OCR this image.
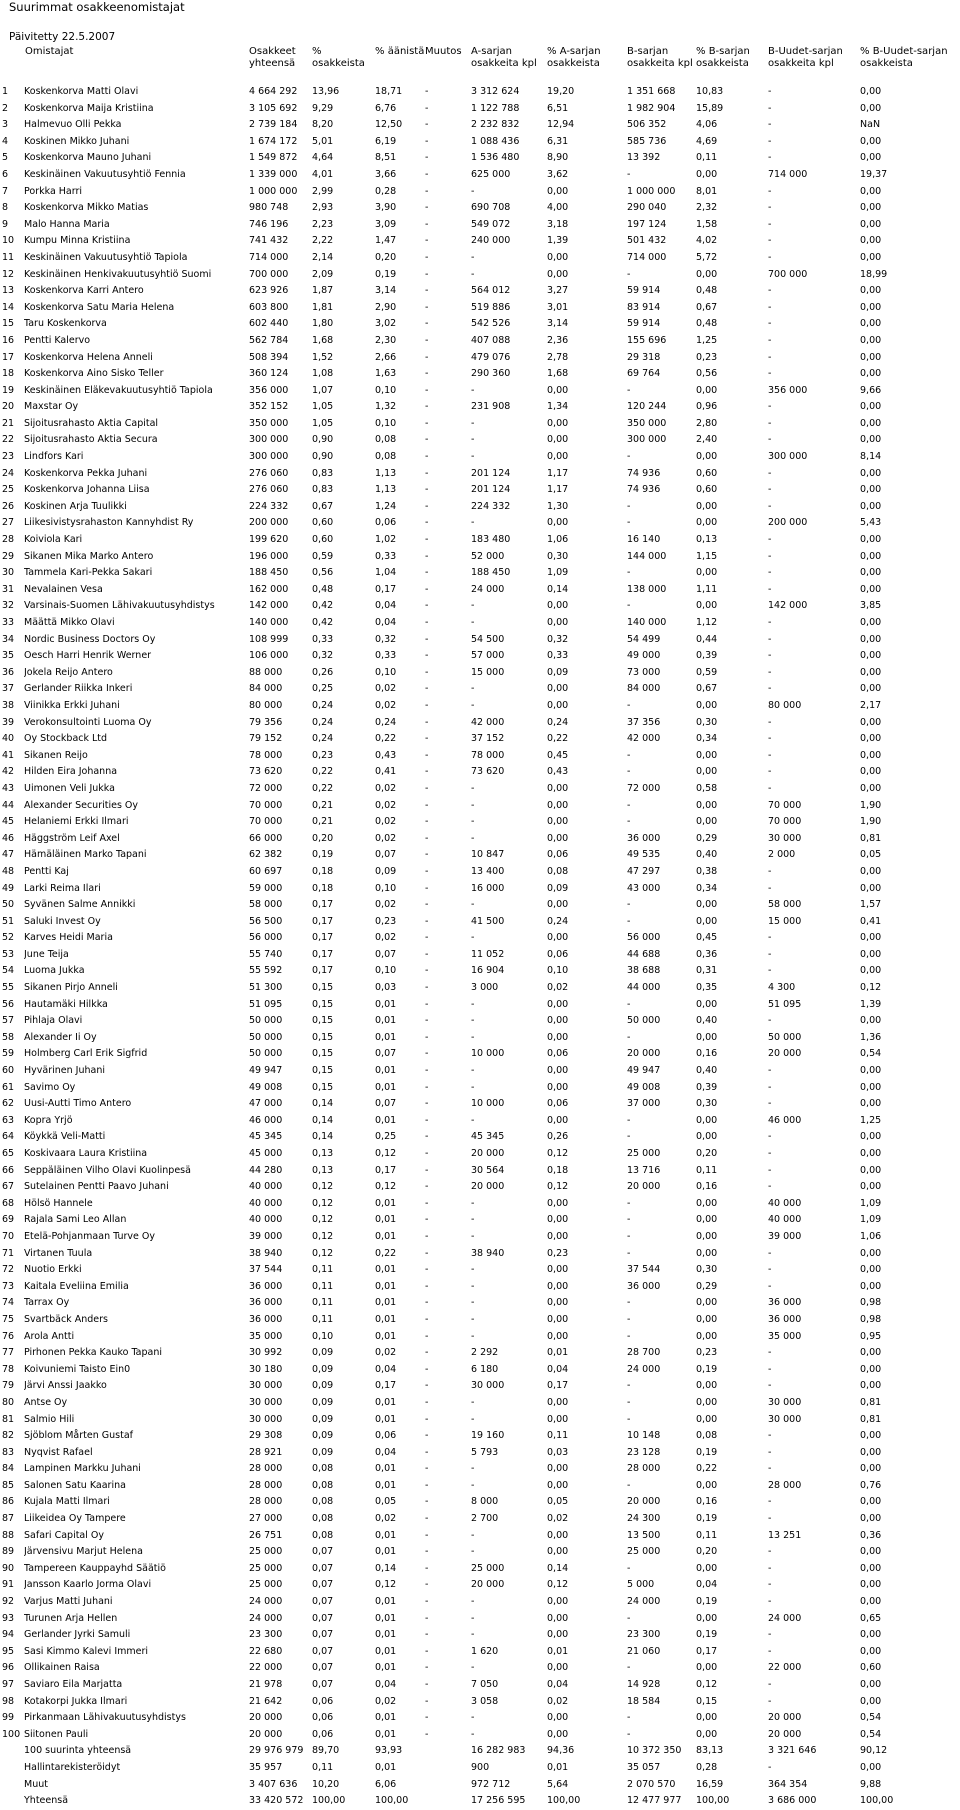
Suurimmat osakkeenomistajat
Päivitetty 22.5.2007
Omistajat		Osakkeet yhteensä	% osakkeista	% äänistä	Muutos	A-sarjan osakkeita kpl	% A-sarjan osakkeista	B-sarjan osakkeita kpl	% B-sarjan osakkeista	B-Uudet-sarjan osakkeita kpl	% B-Uudet-sarjan osakkeista

1	Koskenkorva Matti Olavi	4 664 292	13,96	18,71	-	3 312 624	19,20	1 351 668	10,83	-	0,00
2	Koskenkorva Maija Kristiina	3 105 692	9,29	6,76	-	1 122 788	6,51	1 982 904	15,89	-	0,00
3	Halmevuo Olli Pekka	2 739 184	8,20	12,50	-	2 232 832	12,94	506 352	4,06	-	NaN
4	Koskinen Mikko Juhani	1 674 172	5,01	6,19	-	1 088 436	6,31	585 736	4,69	-	0,00
5	Koskenkorva Mauno Juhani	1 549 872	4,64	8,51	-	1 536 480	8,90	13 392	0,11	-	0,00
6	Keskinäinen Vakuutusyhtiö Fennia	1 339 000	4,01	3,66	-	625 000	3,62	-	0,00	714 000	19,37
7	Porkka Harri	1 000 000	2,99	0,28	-	-	0,00	1 000 000	8,01	-	0,00
8	Koskenkorva Mikko Matias	980 748	2,93	3,90	-	690 708	4,00	290 040	2,32	-	0,00
9	Malo Hanna Maria	746 196	2,23	3,09	-	549 072	3,18	197 124	1,58	-	0,00
10	Kumpu Minna Kristiina	741 432	2,22	1,47	-	240 000	1,39	501 432	4,02	-	0,00
11	Keskinäinen Vakuutusyhtiö Tapiola	714 000	2,14	0,20	-	-	0,00	714 000	5,72	-	0,00
12	Keskinäinen Henkivakuutusyhtiö Suomi	700 000	2,09	0,19	-	-	0,00	-	0,00	700 000	18,99
13	Koskenkorva Karri Antero	623 926	1,87	3,14	-	564 012	3,27	59 914	0,48	-	0,00
14	Koskenkorva Satu Maria Helena	603 800	1,81	2,90	-	519 886	3,01	83 914	0,67	-	0,00
15	Taru Koskenkorva	602 440	1,80	3,02	-	542 526	3,14	59 914	0,48	-	0,00
16	Pentti Kalervo	562 784	1,68	2,30	-	407 088	2,36	155 696	1,25	-	0,00
17	Koskenkorva Helena Anneli	508 394	1,52	2,66	-	479 076	2,78	29 318	0,23	-	0,00
18	Koskenkorva Aino Sisko Teller	360 124	1,08	1,63	-	290 360	1,68	69 764	0,56	-	0,00
19	Keskinäinen Eläkevakuutusyhtiö Tapiola	356 000	1,07	0,10	-	-	0,00	-	0,00	356 000	9,66
20	Maxstar Oy	352 152	1,05	1,32	-	231 908	1,34	120 244	0,96	-	0,00
21	Sijoitusrahasto Aktia Capital	350 000	1,05	0,10	-	-	0,00	350 000	2,80	-	0,00
22	Sijoitusrahasto Aktia Secura	300 000	0,90	0,08	-	-	0,00	300 000	2,40	-	0,00
23	Lindfors Kari	300 000	0,90	0,08	-	-	0,00	-	0,00	300 000	8,14
24	Koskenkorva Pekka Juhani	276 060	0,83	1,13	-	201 124	1,17	74 936	0,60	-	0,00
25	Koskenkorva Johanna Liisa	276 060	0,83	1,13	-	201 124	1,17	74 936	0,60	-	0,00
26	Koskinen Arja Tuulikki	224 332	0,67	1,24	-	224 332	1,30	-	0,00	-	0,00
27	Liikesivistysrahaston Kannyhdist Ry	200 000	0,60	0,06	-	-	0,00	-	0,00	200 000	5,43
28	Koiviola Kari	199 620	0,60	1,02	-	183 480	1,06	16 140	0,13	-	0,00
29	Sikanen Mika Marko Antero	196 000	0,59	0,33	-	52 000	0,30	144 000	1,15	-	0,00
30	Tammela Kari-Pekka Sakari	188 450	0,56	1,04	-	188 450	1,09	-	0,00	-	0,00
31	Nevalainen Vesa	162 000	0,48	0,17	-	24 000	0,14	138 000	1,11	-	0,00
32	Varsinais-Suomen Lähivakuutusyhdistys	142 000	0,42	0,04	-	-	0,00	-	0,00	142 000	3,85
33	Määttä Mikko Olavi	140 000	0,42	0,04	-	-	0,00	140 000	1,12	-	0,00
34	Nordic Business Doctors Oy	108 999	0,33	0,32	-	54 500	0,32	54 499	0,44	-	0,00
35	Oesch Harri Henrik Werner	106 000	0,32	0,33	-	57 000	0,33	49 000	0,39	-	0,00
36	Jokela Reijo Antero	88 000	0,26	0,10	-	15 000	0,09	73 000	0,59	-	0,00
37	Gerlander Riikka Inkeri	84 000	0,25	0,02	-	-	0,00	84 000	0,67	-	0,00
38	Viinikka Erkki Juhani	80 000	0,24	0,02	-	-	0,00	-	0,00	80 000	2,17
39	Verokonsultointi Luoma Oy	79 356	0,24	0,24	-	42 000	0,24	37 356	0,30	-	0,00
40	Oy Stockback Ltd	79 152	0,24	0,22	-	37 152	0,22	42 000	0,34	-	0,00
41	Sikanen Reijo	78 000	0,23	0,43	-	78 000	0,45	-	0,00	-	0,00
42	Hilden Eira Johanna	73 620	0,22	0,41	-	73 620	0,43	-	0,00	-	0,00
43	Uimonen Veli Jukka	72 000	0,22	0,02	-	-	0,00	72 000	0,58	-	0,00
44	Alexander Securities Oy	70 000	0,21	0,02	-	-	0,00	-	0,00	70 000	1,90
45	Helaniemi Erkki Ilmari	70 000	0,21	0,02	-	-	0,00	-	0,00	70 000	1,90
46	Häggström Leif Axel	66 000	0,20	0,02	-	-	0,00	36 000	0,29	30 000	0,81
47	Hämäläinen Marko Tapani	62 382	0,19	0,07	-	10 847	0,06	49 535	0,40	2 000	0,05
48	Pentti Kaj	60 697	0,18	0,09	-	13 400	0,08	47 297	0,38	-	0,00
49	Larki Reima Ilari	59 000	0,18	0,10	-	16 000	0,09	43 000	0,34	-	0,00
50	Syvänen Salme Annikki	58 000	0,17	0,02	-	-	0,00	-	0,00	58 000	1,57
51	Saluki Invest Oy	56 500	0,17	0,23	-	41 500	0,24	-	0,00	15 000	0,41
52	Karves Heidi Maria	56 000	0,17	0,02	-	-	0,00	56 000	0,45	-	0,00
53	June Teija	55 740	0,17	0,07	-	11 052	0,06	44 688	0,36	-	0,00
54	Luoma Jukka	55 592	0,17	0,10	-	16 904	0,10	38 688	0,31	-	0,00
55	Sikanen Pirjo Anneli	51 300	0,15	0,03	-	3 000	0,02	44 000	0,35	4 300	0,12
56	Hautamäki Hilkka	51 095	0,15	0,01	-	-	0,00	-	0,00	51 095	1,39
57	Pihlaja Olavi	50 000	0,15	0,01	-	-	0,00	50 000	0,40	-	0,00
58	Alexander Ii Oy	50 000	0,15	0,01	-	-	0,00	-	0,00	50 000	1,36
59	Holmberg Carl Erik Sigfrid	50 000	0,15	0,07	-	10 000	0,06	20 000	0,16	20 000	0,54
60	Hyvärinen Juhani	49 947	0,15	0,01	-	-	0,00	49 947	0,40	-	0,00
61	Savimo Oy	49 008	0,15	0,01	-	-	0,00	49 008	0,39	-	0,00
62	Uusi-Autti Timo Antero	47 000	0,14	0,07	-	10 000	0,06	37 000	0,30	-	0,00
63	Kopra Yrjö	46 000	0,14	0,01	-	-	0,00	-	0,00	46 000	1,25
64	Köykkä Veli-Matti	45 345	0,14	0,25	-	45 345	0,26	-	0,00	-	0,00
65	Koskivaara Laura Kristiina	45 000	0,13	0,12	-	20 000	0,12	25 000	0,20	-	0,00
66	Seppäläinen Vilho Olavi Kuolinpesä	44 280	0,13	0,17	-	30 564	0,18	13 716	0,11	-	0,00
67	Sutelainen Pentti Paavo Juhani	40 000	0,12	0,12	-	20 000	0,12	20 000	0,16	-	0,00
68	Hölsö Hannele	40 000	0,12	0,01	-	-	0,00	-	0,00	40 000	1,09
69	Rajala Sami Leo Allan	40 000	0,12	0,01	-	-	0,00	-	0,00	40 000	1,09
70	Etelä-Pohjanmaan Turve Oy	39 000	0,12	0,01	-	-	0,00	-	0,00	39 000	1,06
71	Virtanen Tuula	38 940	0,12	0,22	-	38 940	0,23	-	0,00	-	0,00
72	Nuotio Erkki	37 544	0,11	0,01	-	-	0,00	37 544	0,30	-	0,00
73	Kaitala Eveliina Emilia	36 000	0,11	0,01	-	-	0,00	36 000	0,29	-	0,00
74	Tarrax Oy	36 000	0,11	0,01	-	-	0,00	-	0,00	36 000	0,98
75	Svartbäck Anders	36 000	0,11	0,01	-	-	0,00	-	0,00	36 000	0,98
76	Arola Antti	35 000	0,10	0,01	-	-	0,00	-	0,00	35 000	0,95
77	Pirhonen Pekka Kauko Tapani	30 992	0,09	0,02	-	2 292	0,01	28 700	0,23	-	0,00
78	Koivuniemi Taisto Ein0	30 180	0,09	0,04	-	6 180	0,04	24 000	0,19	-	0,00
79	Järvi Anssi Jaakko	30 000	0,09	0,17	-	30 000	0,17	-	0,00	-	0,00
80	Antse Oy	30 000	0,09	0,01	-	-	0,00	-	0,00	30 000	0,81
81	Salmio Hili	30 000	0,09	0,01	-	-	0,00	-	0,00	30 000	0,81
82	Sjöblom Mårten Gustaf	29 308	0,09	0,06	-	19 160	0,11	10 148	0,08	-	0,00
83	Nyqvist Rafael	28 921	0,09	0,04	-	5 793	0,03	23 128	0,19	-	0,00
84	Lampinen Markku Juhani	28 000	0,08	0,01	-	-	0,00	28 000	0,22	-	0,00
85	Salonen Satu Kaarina	28 000	0,08	0,01	-	-	0,00	-	0,00	28 000	0,76
86	Kujala Matti Ilmari	28 000	0,08	0,05	-	8 000	0,05	20 000	0,16	-	0,00
87	Liikeidea Oy Tampere	27 000	0,08	0,02	-	2 700	0,02	24 300	0,19	-	0,00
88	Safari Capital Oy	26 751	0,08	0,01	-	-	0,00	13 500	0,11	13 251	0,36
89	Järvensivu Marjut Helena	25 000	0,07	0,01	-	-	0,00	25 000	0,20	-	0,00
90	Tampereen Kauppayhd Säätiö	25 000	0,07	0,14	-	25 000	0,14	-	0,00	-	0,00
91	Jansson Kaarlo Jorma Olavi	25 000	0,07	0,12	-	20 000	0,12	5 000	0,04	-	0,00
92	Varjus Matti Juhani	24 000	0,07	0,01	-	-	0,00	24 000	0,19	-	0,00
93	Turunen Arja Hellen	24 000	0,07	0,01	-	-	0,00	-	0,00	24 000	0,65
94	Gerlander Jyrki Samuli	23 300	0,07	0,01	-	-	0,00	23 300	0,19	-	0,00
95	Sasi Kimmo Kalevi Immeri	22 680	0,07	0,01	-	1 620	0,01	21 060	0,17	-	0,00
96	Ollikainen Raisa	22 000	0,07	0,01	-	-	0,00	-	0,00	22 000	0,60
97	Saviaro Eila Marjatta	21 978	0,07	0,04	-	7 050	0,04	14 928	0,12	-	0,00
98	Kotakorpi Jukka Ilmari	21 642	0,06	0,02	-	3 058	0,02	18 584	0,15	-	0,00
99	Pirkanmaan Lähivakuutusyhdistys	20 000	0,06	0,01	-	-	0,00	-	0,00	20 000	0,54
100	Siitonen Pauli	20 000	0,06	0,01	-	-	0,00	-	0,00	20 000	0,54
	100 suurinta yhteensä	29 976 979	89,70	93,93		16 282 983	94,36	10 372 350	83,13	3 321 646	90,12
	Hallintarekisteröidyt	35 957	0,11	0,01		900	0,01	35 057	0,28	-	0,00
	Muut	3 407 636	10,20	6,06		972 712	5,64	2 070 570	16,59	364 354	9,88
	Yhteensä	33 420 572	100,00	100,00		17 256 595	100,00	12 477 977	100,00	3 686 000	100,00
